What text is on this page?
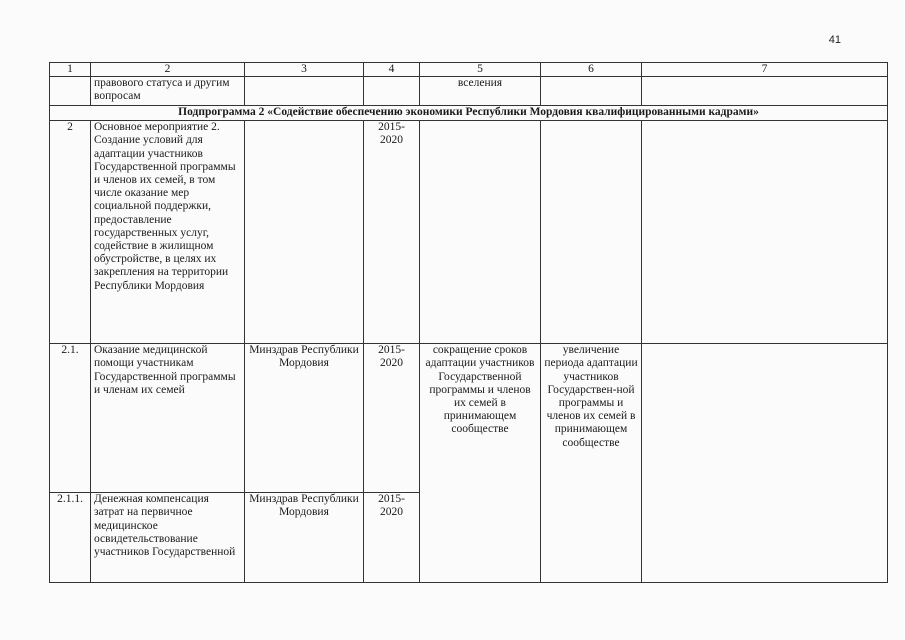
41
1	2	3	4	5	6	7
	правового статуса и другим вопросам			вселения		
Подпрограмма 2 «Содействие обеспечению экономики Республики Мордовия квалифицированными кадрами»						
2	Основное мероприятие 2. Создание условий для адаптации участников Государственной программы и членов их семей, в том числе оказание мер социальной поддержки, предоставление государственных услуг, содействие в жилищном обустройстве, в целях их закрепления на территории Республики Мордовия		2015-2020			
2.1.	Оказание медицинской помощи участникам Государственной программы и членам их семей	Минздрав Республики Мордовия	2015-2020	сокращение сроков адаптации участников Государственной программы и членов их семей в принимающем сообществе	увеличение периода адаптации участников Государствен-ной программы и членов их семей в принимающем сообществе	
2.1.1.	Денежная компенсация затрат на первичное медицинское освидетельствование участников Государственной	Минздрав Республики Мордовия	2015-2020			
